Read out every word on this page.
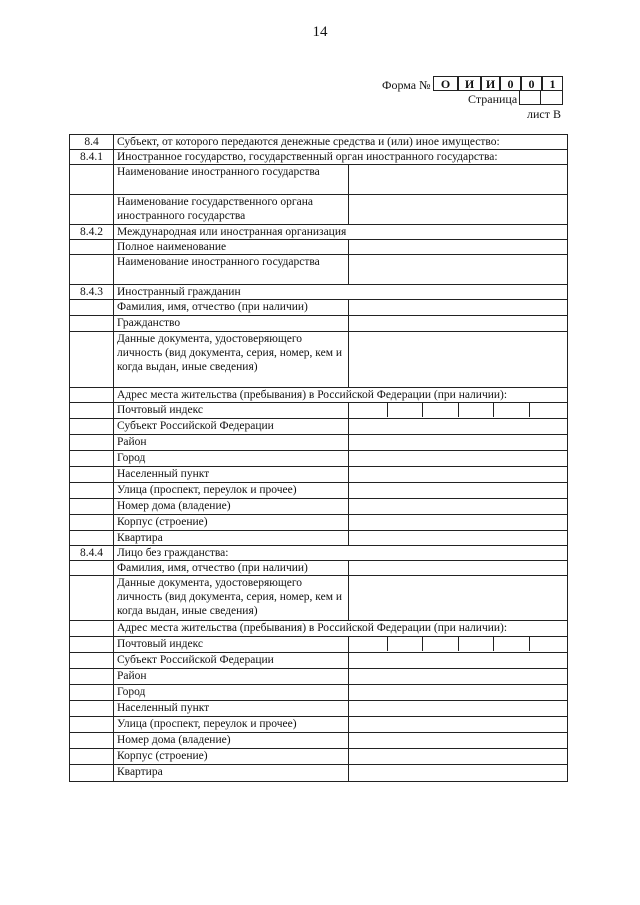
14
Форма № О	И И	0	0	1
Страница
лист В
8.4	Субъект, от которого передаются денежные средства и (или) иное имущество:	
8.4.1	Иностранное государство, государственный орган иностранного государства:	
	Наименование иностранного государства	
	Наименование государственного органа иностранного государства	
8.4.2	Международная или иностранная организация	
	Полное наименование	
	Наименование иностранного государства	
8.4.3	Иностранный гражданин	
	Фамилия, имя, отчество (при наличии)	
	Гражданство	
	Данные документа, удостоверяющего личность (вид документа, серия, номер, кем и когда выдан, иные сведения)	
	Адрес места жительства (пребывания) в Российской Федерации (при наличии):	
	Почтовый индекс	

	Субъект Российской Федерации	
	Район	
	Город	
	Населенный пункт	
	Улица (проспект, переулок и прочее)	
	Номер дома (владение)	
	Корпус (строение)	
	Квартира	
8.4.4	Лицо без гражданства:	
	Фамилия, имя, отчество (при наличии)	
	Данные документа, удостоверяющего личность (вид документа, серия, номер, кем и когда выдан, иные сведения)	
	Адрес места жительства (пребывания) в Российской Федерации (при наличии):	
	Почтовый индекс	

	Субъект Российской Федерации	
	Район	
	Город	
	Населенный пункт	
	Улица (проспект, переулок и прочее)	
	Номер дома (владение)	
	Корпус (строение)	
	Квартира	
